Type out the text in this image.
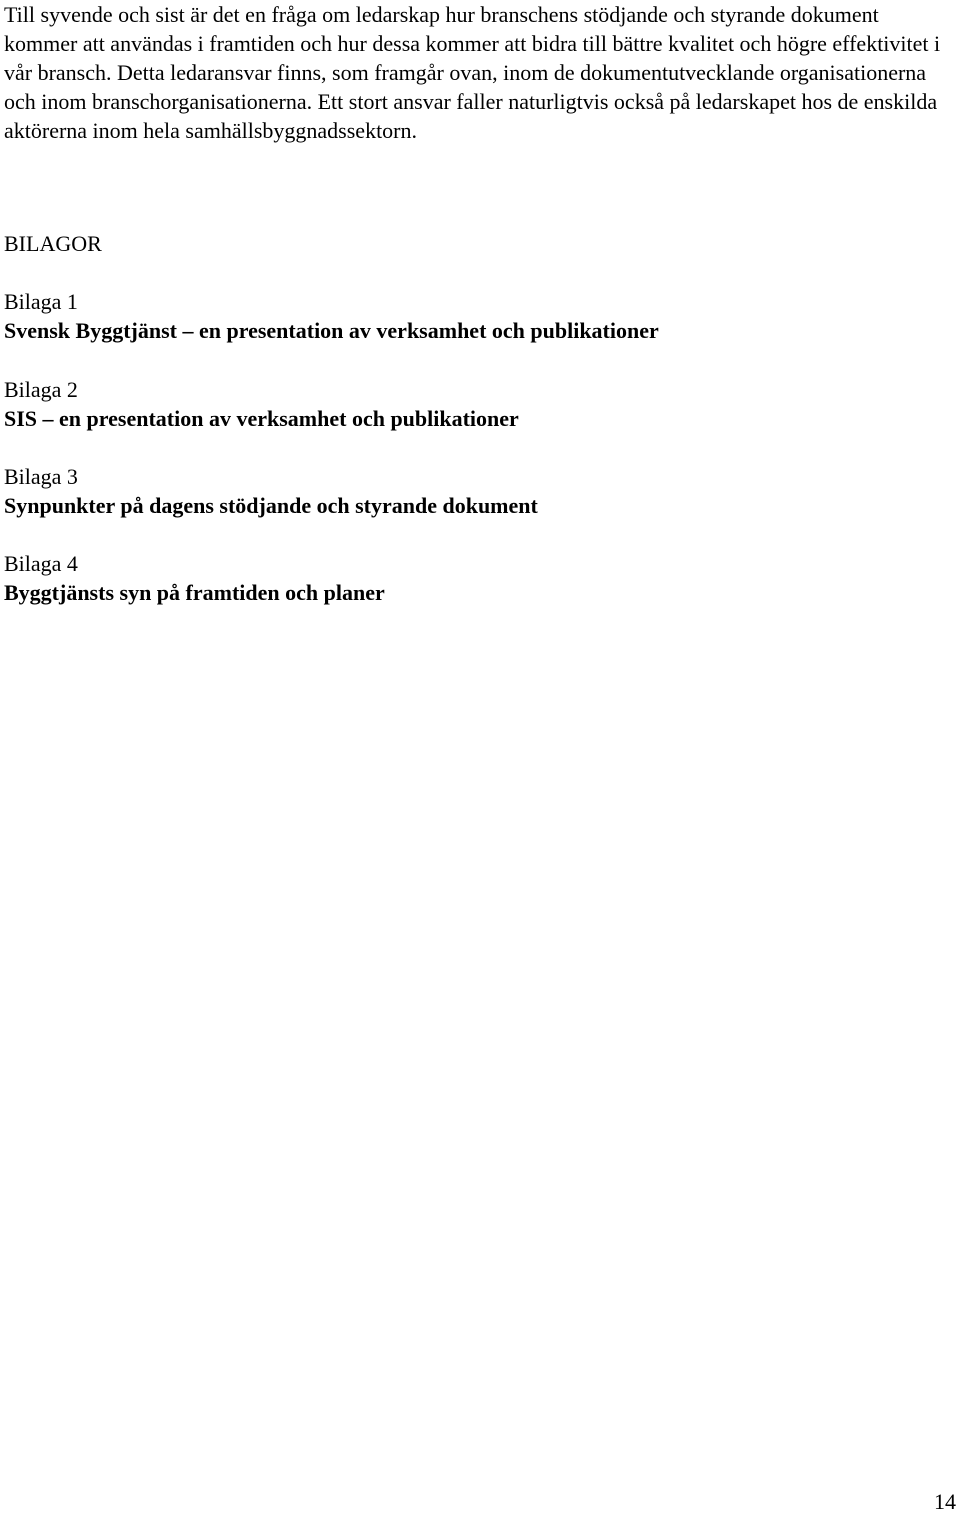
Till syvende och sist är det en fråga om ledarskap hur branschens stödjande och styrande dokument kommer att användas i framtiden och hur dessa kommer att bidra till bättre kvalitet och högre effektivitet i vår bransch. Detta ledaransvar finns, som framgår ovan, inom de dokumentutvecklande organisationerna och inom branschorganisationerna. Ett stort ansvar faller naturligtvis också på ledarskapet hos de enskilda aktörerna inom hela samhällsbyggnadssektorn.

BILAGOR

Bilaga 1
Svensk Byggtjänst – en presentation av verksamhet och publikationer
Bilaga 2
SIS – en presentation av verksamhet och publikationer
Bilaga 3
Synpunkter på dagens stödjande och styrande dokument
Bilaga 4
Byggtjänsts syn på framtiden och planer
14
